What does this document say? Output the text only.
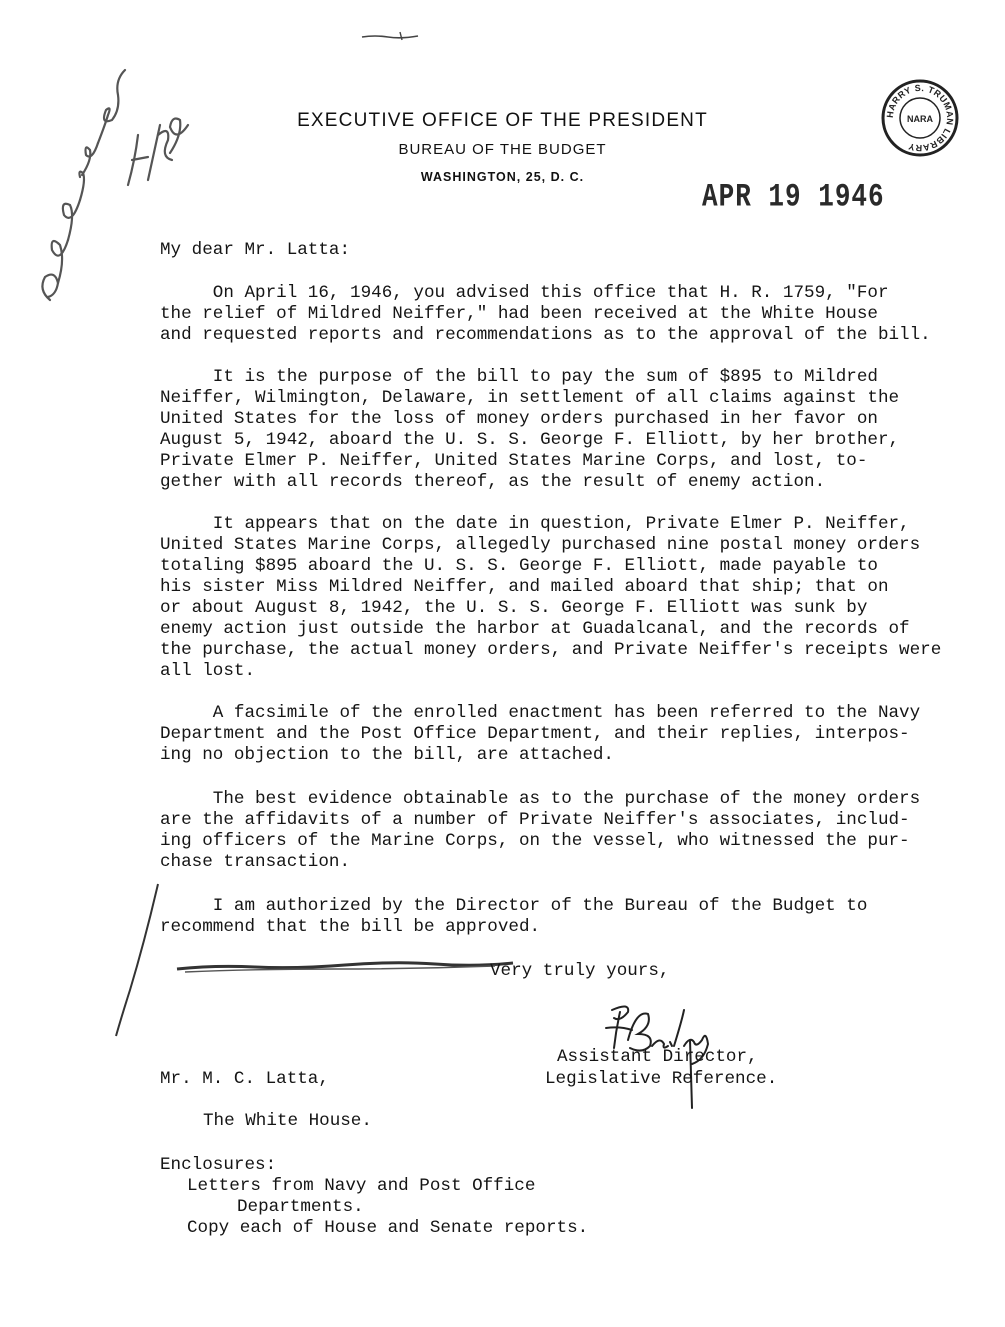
approved 4/20/46
EXECUTIVE OFFICE OF THE PRESIDENT
BUREAU OF THE BUDGET
WASHINGTON, 25, D. C.
HARRY S. TRUMAN LIBRARY
NARA
APR 19 1946
My dear Mr. Latta:
On April 16, 1946, you advised this office that H. R. 1759, "For
the relief of Mildred Neiffer," had been received at the White House
and requested reports and recommendations as to the approval of the bill.
It is the purpose of the bill to pay the sum of $895 to Mildred
Neiffer, Wilmington, Delaware, in settlement of all claims against the
United States for the loss of money orders purchased in her favor on
August 5, 1942, aboard the U. S. S. George F. Elliott, by her brother,
Private Elmer P. Neiffer, United States Marine Corps, and lost, to-
gether with all records thereof, as the result of enemy action.
It appears that on the date in question, Private Elmer P. Neiffer,
United States Marine Corps, allegedly purchased nine postal money orders
totaling $895 aboard the U. S. S. George F. Elliott, made payable to
his sister Miss Mildred Neiffer, and mailed aboard that ship; that on
or about August 8, 1942, the U. S. S. George F. Elliott was sunk by
enemy action just outside the harbor at Guadalcanal, and the records of
the purchase, the actual money orders, and Private Neiffer's receipts were
all lost.
A facsimile of the enrolled enactment has been referred to the Navy
Department and the Post Office Department, and their replies, interpos-
ing no objection to the bill, are attached.
The best evidence obtainable as to the purchase of the money orders
are the affidavits of a number of Private Neiffer's associates, includ-
ing officers of the Marine Corps, on the vessel, who witnessed the pur-
chase transaction.
I am authorized by the Director of the Bureau of the Budget to
recommend that the bill be approved.
Very truly yours,
F. J. Bailey
Assistant Director,
Legislative Reference.
Mr. M. C. Latta,
The White House.
Enclosures:
Letters from Navy and Post Office
Departments.
Copy each of House and Senate reports.
